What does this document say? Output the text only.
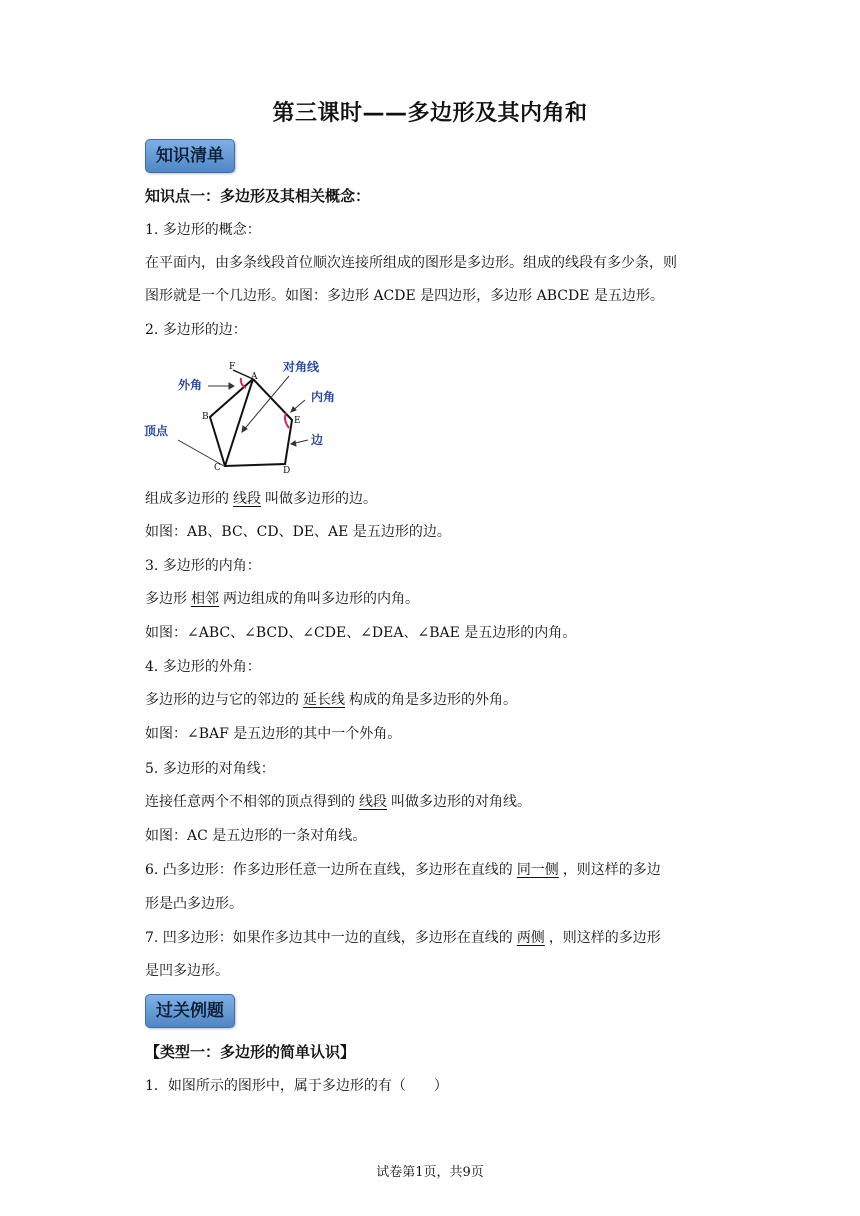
第三课时——多边形及其内角和
知识清单
知识点一：多边形及其相关概念：
1. 多边形的概念：
在平面内，由多条线段首位顺次连接所组成的图形是多边形。组成的线段有多少条，则
图形就是一个几边形。如图：多边形 ACDE 是四边形，多边形 ABCDE 是五边形。
2. 多边形的边：
外角
对角线
内角
顶点
边
F
A
B
C	D
E
组成多边形的 线段 叫做多边形的边。
如图：AB、BC、CD、DE、AE 是五边形的边。
3. 多边形的内角：
多边形 相邻 两边组成的角叫多边形的内角。
如图：∠ABC、∠BCD、∠CDE、∠DEA、∠BAE 是五边形的内角。
4. 多边形的外角：
多边形的边与它的邻边的 延长线 构成的角是多边形的外角。
如图：∠BAF 是五边形的其中一个外角。
5. 多边形的对角线：
连接任意两个不相邻的顶点得到的 线段 叫做多边形的对角线。
如图：AC 是五边形的一条对角线。
6. 凸多边形：作多边形任意一边所在直线，多边形在直线的 同一侧 ，则这样的多边
形是凸多边形。
7. 凹多边形：如果作多边其中一边的直线，多边形在直线的 两侧 ，则这样的多边形
是凹多边形。
过关例题
【类型一：多边形的简单认识】
1．如图所示的图形中，属于多边形的有（　　）
试卷第1页，共9页
